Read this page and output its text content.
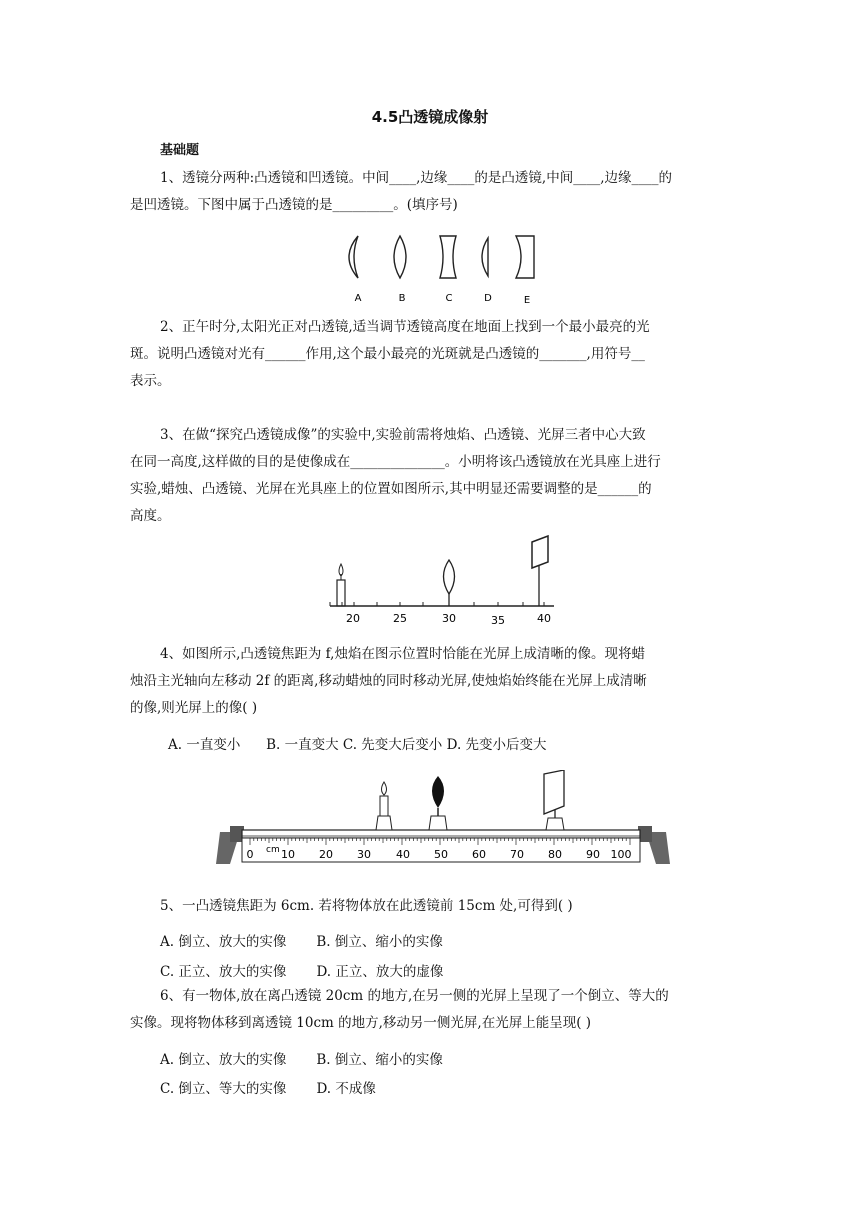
4.5凸透镜成像射
基础题

1、透镜分两种:凸透镜和凹透镜。中间____,边缘____的是凸透镜,中间____,边缘____的

是凹透镜。下图中属于凸透镜的是_________。(填序号)

A	B	C	D	E

2、正午时分,太阳光正对凸透镜,适当调节透镜高度在地面上找到一个最小最亮的光

斑。说明凸透镜对光有______作用,这个最小最亮的光斑就是凸透镜的_______,用符号__

表示。

3、在做“探究凸透镜成像”的实验中,实验前需将烛焰、凸透镜、光屏三者中心大致

在同一高度,这样做的目的是使像成在______________。小明将该凸透镜放在光具座上进行

实验,蜡烛、凸透镜、光屏在光具座上的位置如图所示,其中明显还需要调整的是______的

高度。

20	25	30	35	40

4、如图所示,凸透镜焦距为 f,烛焰在图示位置时恰能在光屏上成清晰的像。现将蜡

烛沿主光轴向左移动 2f 的距离,移动蜡烛的同时移动光屏,使烛焰始终能在光屏上成清晰

的像,则光屏上的像( )

A. 一直变小      B. 一直变大 C. 先变大后变小 D. 先变小后变大
cm
0	10 20 30 40 50 60 70 80 90 100

5、一凸透镜焦距为 6cm. 若将物体放在此透镜前 15cm 处,可得到( )

A. 倒立、放大的实像       B. 倒立、缩小的实像
C. 正立、放大的实像       D. 正立、放大的虚像

6、有一物体,放在离凸透镜 20cm 的地方,在另一侧的光屏上呈现了一个倒立、等大的

实像。现将物体移到离透镜 10cm 的地方,移动另一侧光屏,在光屏上能呈现( )

A. 倒立、放大的实像       B. 倒立、缩小的实像
C. 倒立、等大的实像       D. 不成像
